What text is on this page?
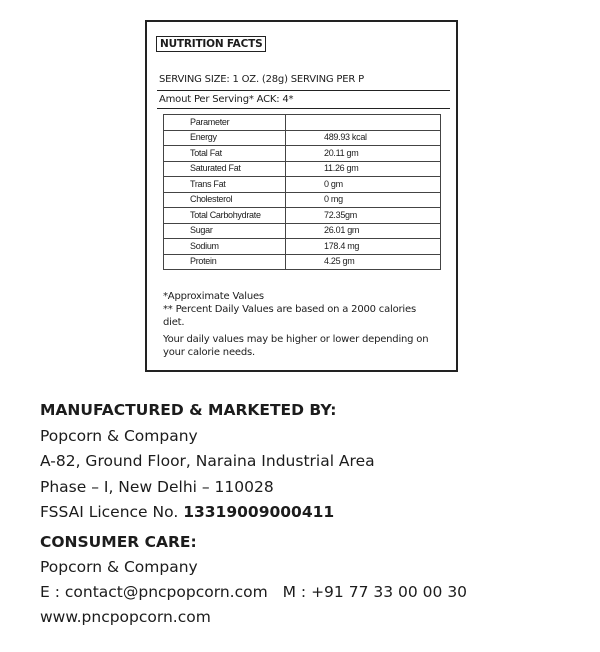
NUTRITION FACTS
SERVING SIZE: 1 OZ. (28g) SERVING PER P
Amout Per Serving* ACK: 4*
Parameter	
Energy	489.93 kcal
Total Fat	20.11 gm
Saturated Fat	11.26 gm
Trans Fat	0 gm
Cholesterol	0 mg
Total Carbohydrate	72.35gm
Sugar	26.01 gm
Sodium	178.4 mg
Protein	4.25 gm

*Approximate Values

** Percent Daily Values are based on a 2000 calories diet.

Your daily values may be higher or lower depending on your calorie needs.

MANUFACTURED & MARKETED BY:
Popcorn & Company
A-82, Ground Floor, Naraina Industrial Area
Phase – I, New Delhi – 110028
FSSAI Licence No. 13319009000411
CONSUMER CARE:
Popcorn & Company
E : contact@pncpopcorn.com M : +91 77 33 00 00 30
www.pncpopcorn.com
